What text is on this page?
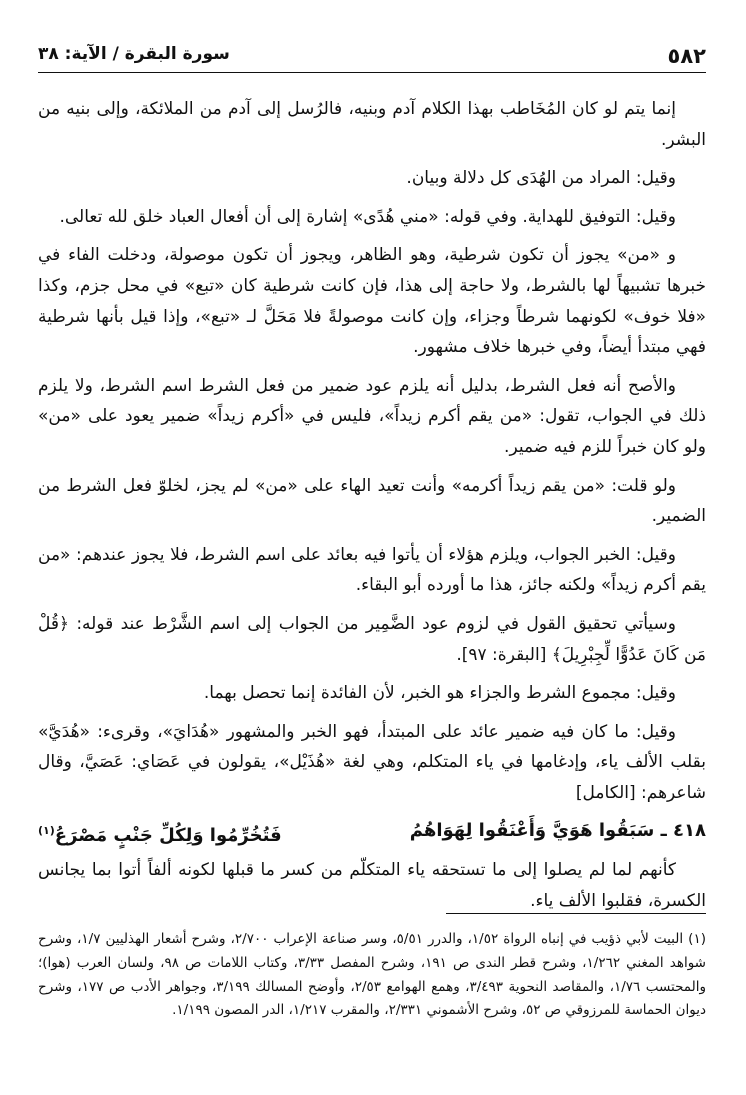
٥٨٢
سورة البقرة / الآية: ٣٨

إنما يتم لو كان المُخَاطب بهذا الكلام آدم وبنيه، فالرُسل إلى آدم من الملائكة، وإلى بنيه من البشر.

وقيل: المراد من الهُدَى كل دلالة وبيان.

وقيل: التوفيق للهداية. وفي قوله: «مني هُدًى» إشارة إلى أن أفعال العباد خلق لله تعالى.

و «من» يجوز أن تكون شرطية، وهو الظاهر، ويجوز أن تكون موصولة، ودخلت الفاء في خبرها تشبيهاً لها بالشرط، ولا حاجة إلى هذا، فإن كانت شرطية كان «تبع» في محل جزم، وكذا «فلا خوف» لكونهما شرطاً وجزاء، وإن كانت موصولةً فلا مَحَلَّ لـ «تبع»، وإذا قيل بأنها شرطية فهي مبتدأ أيضاً، وفي خبرها خلاف مشهور.

والأصح أنه فعل الشرط، بدليل أنه يلزم عود ضمير من فعل الشرط اسم الشرط، ولا يلزم ذلك في الجواب، تقول: «من يقم أكرم زيداً»، فليس في «أكرم زيداً» ضمير يعود على «من» ولو كان خبراً للزم فيه ضمير.

ولو قلت: «من يقم زيداً أكرمه» وأنت تعيد الهاء على «من» لم يجز، لخلوّ فعل الشرط من الضمير.

وقيل: الخبر الجواب، ويلزم هؤلاء أن يأتوا فيه بعائد على اسم الشرط، فلا يجوز عندهم: «من يقم أكرم زيداً» ولكنه جائز، هذا ما أورده أبو البقاء.

وسيأتي تحقيق القول في لزوم عود الضَّمِير من الجواب إلى اسم الشَّرْط عند قوله: ﴿قُلْ مَن كَانَ عَدُوًّا لِّجِبْرِيلَ﴾ [البقرة: ٩٧].

وقيل: مجموع الشرط والجزاء هو الخبر، لأن الفائدة إنما تحصل بهما.

وقيل: ما كان فيه ضمير عائد على المبتدأ، فهو الخبر والمشهور «هُدَايَ»، وقرىء: «هُدَيَّ» بقلب الألف ياء، وإدغامها في ياء المتكلم، وهي لغة «هُذَيْل»، يقولون في عَصَاي: عَصَيَّ، وقال شاعرهم: [الكامل]

٤١٨ ـ سَبَقُوا هَوَيَّ وَأَعْنَقُوا لِهَوَاهُمُ
فَتُخُرِّمُوا وَلِكُلِّ جَنْبٍ مَصْرَعُ$^{(١)}$

كأنهم لما لم يصلوا إلى ما تستحقه ياء المتكلّم من كسر ما قبلها لكونه ألفاً أتوا بما يجانس الكسرة، فقلبوا الألف ياء.

(١) البيت لأبي ذؤيب في إنباه الرواة ١/٥٢، والدرر ٥/٥١، وسر صناعة الإعراب ٢/٧٠٠، وشرح أشعار الهذليين ١/٧، وشرح شواهد المغني ١/٢٦٢، وشرح قطر الندى ص ١٩١، وشرح المفصل ٣/٣٣، وكتاب اللامات ص ٩٨، ولسان العرب (هوا)؛ والمحتسب ١/٧٦، والمقاصد النحوية ٣/٤٩٣، وهمع الهوامع ٢/٥٣، وأوضح المسالك ٣/١٩٩، وجواهر الأدب ص ١٧٧، وشرح ديوان الحماسة للمرزوقي ص ٥٢، وشرح الأشموني ٢/٣٣١، والمقرب ١/٢١٧، الدر المصون ١/١٩٩.
